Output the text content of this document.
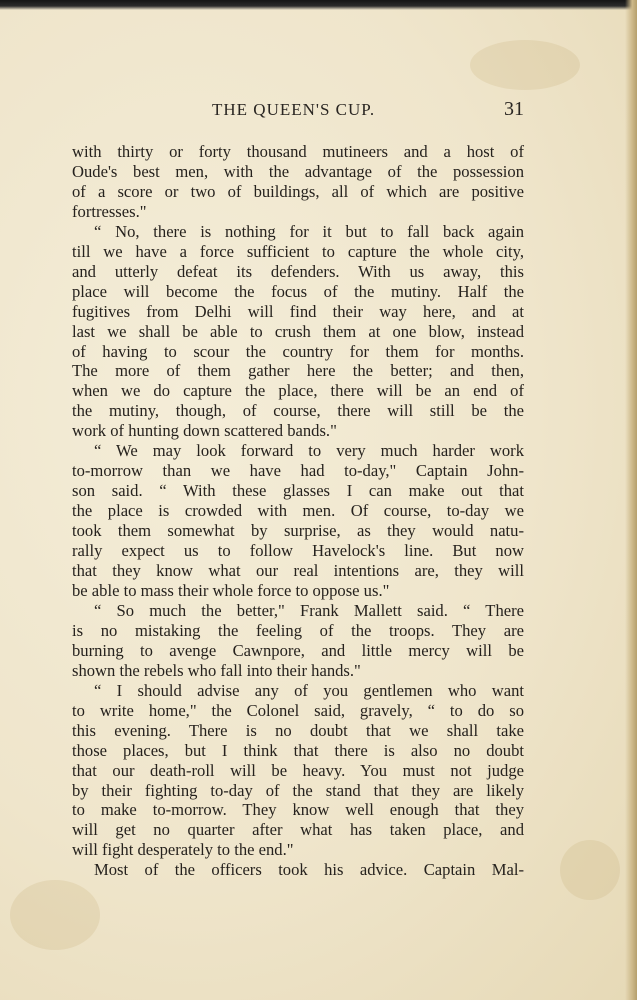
THE QUEEN'S CUP.	31
with thirty or forty thousand mutineers and a host of
Oude's best men, with the advantage of the possession
of a score or two of buildings, all of which are positive
fortresses."
“ No, there is nothing for it but to fall back again
till we have a force sufficient to capture the whole city,
and utterly defeat its defenders. With us away, this
place will become the focus of the mutiny. Half the
fugitives from Delhi will find their way here, and at
last we shall be able to crush them at one blow, instead
of having to scour the country for them for months.
The more of them gather here the better; and then,
when we do capture the place, there will be an end of
the mutiny, though, of course, there will still be the
work of hunting down scattered bands."
“ We may look forward to very much harder work
to-morrow than we have had to-day," Captain John-
son said. “ With these glasses I can make out that
the place is crowded with men. Of course, to-day we
took them somewhat by surprise, as they would natu-
rally expect us to follow Havelock's line. But now
that they know what our real intentions are, they will
be able to mass their whole force to oppose us."
“ So much the better," Frank Mallett said. “ There
is no mistaking the feeling of the troops. They are
burning to avenge Cawnpore, and little mercy will be
shown the rebels who fall into their hands."
“ I should advise any of you gentlemen who want
to write home," the Colonel said, gravely, “ to do so
this evening. There is no doubt that we shall take
those places, but I think that there is also no doubt
that our death-roll will be heavy. You must not judge
by their fighting to-day of the stand that they are likely
to make to-morrow. They know well enough that they
will get no quarter after what has taken place, and
will fight desperately to the end."
Most of the officers took his advice. Captain Mal-
